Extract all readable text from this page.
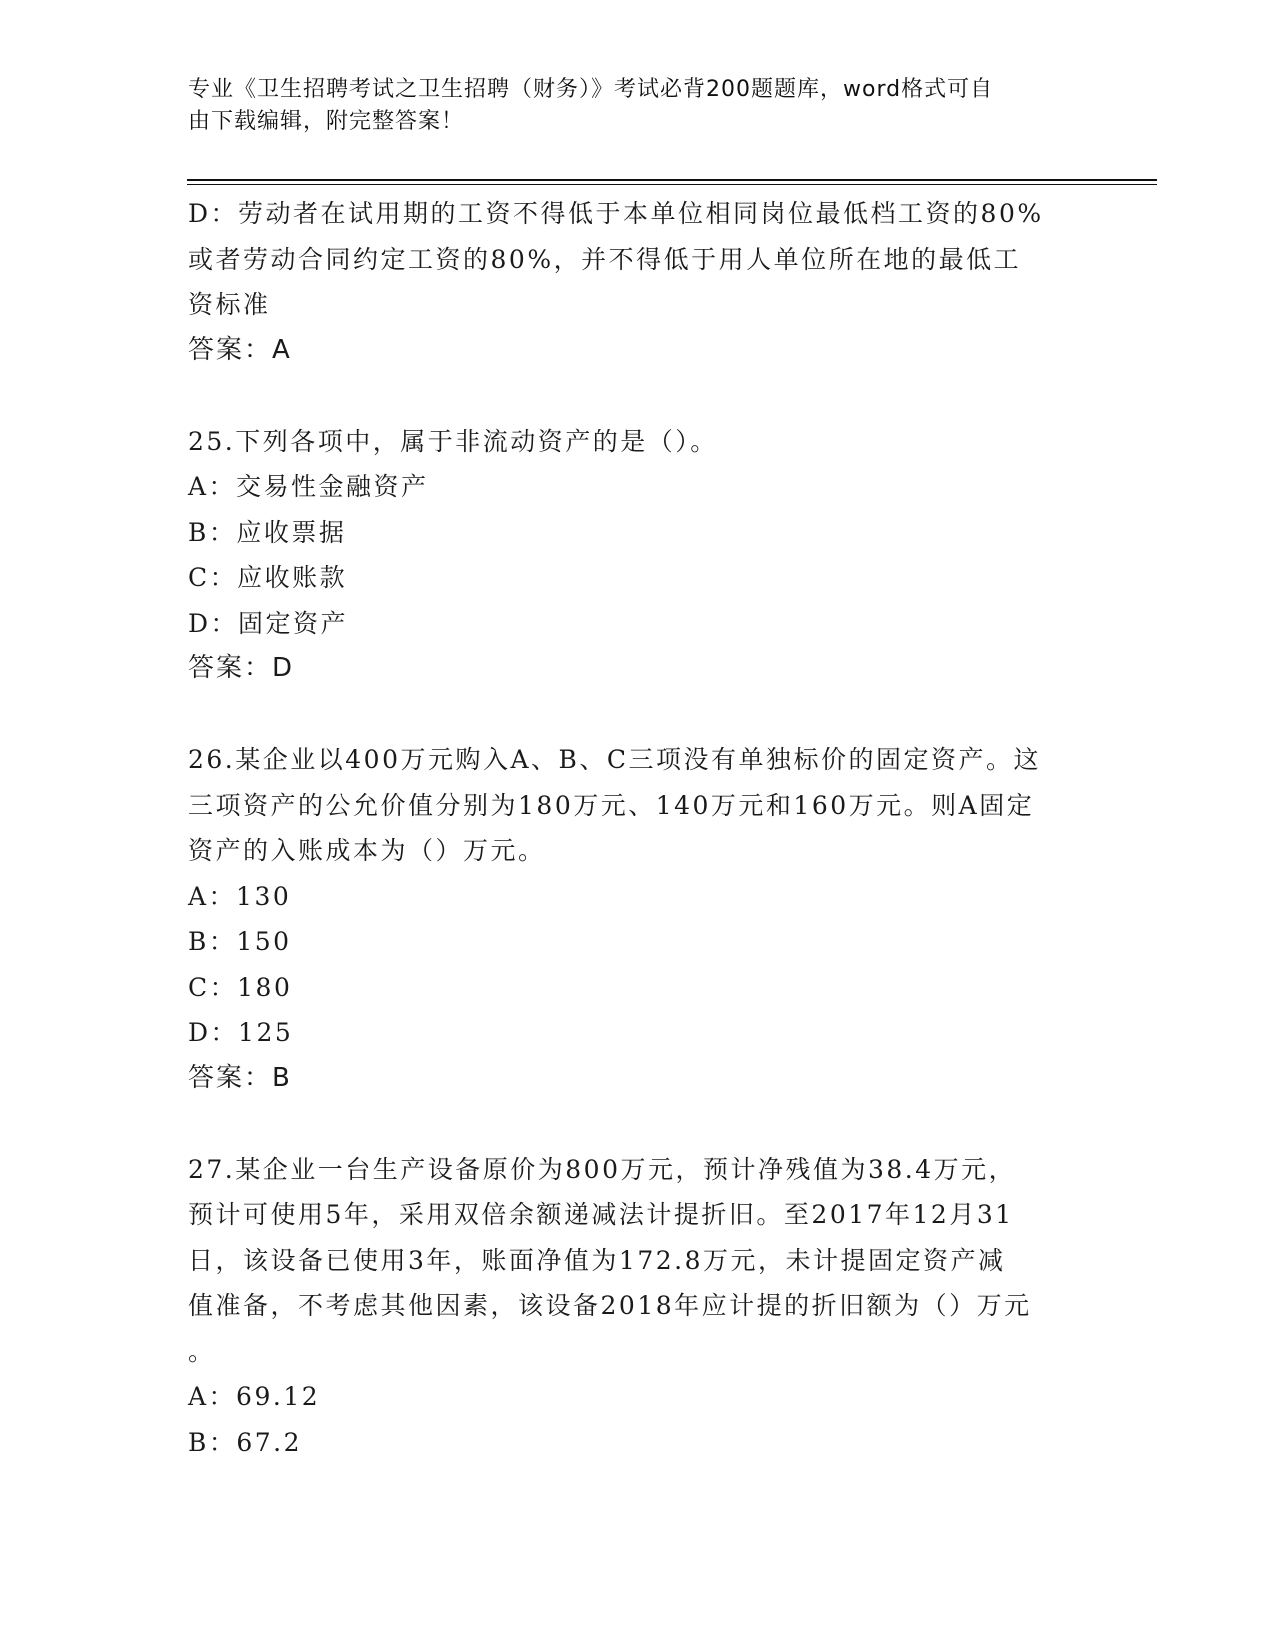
专业《卫生招聘考试之卫生招聘（财务）》考试必背200题题库，word格式可自
由下载编辑，附完整答案！
D：劳动者在试用期的工资不得低于本单位相同岗位最低档工资的80%
或者劳动合同约定工资的80%，并不得低于用人单位所在地的最低工
资标准
答案：A
25.下列各项中，属于非流动资产的是（）。
A：交易性金融资产
B：应收票据
C：应收账款
D：固定资产
答案：D
26.某企业以400万元购入A、B、C三项没有单独标价的固定资产。这
三项资产的公允价值分别为180万元、140万元和160万元。则A固定
资产的入账成本为（）万元。
A：130
B：150
C：180
D：125
答案：B
27.某企业一台生产设备原价为800万元，预计净残值为38.4万元，
预计可使用5年，采用双倍余额递减法计提折旧。至2017年12月31
日，该设备已使用3年，账面净值为172.8万元，未计提固定资产减
值准备，不考虑其他因素，该设备2018年应计提的折旧额为（）万元
。
A：69.12
B：67.2
